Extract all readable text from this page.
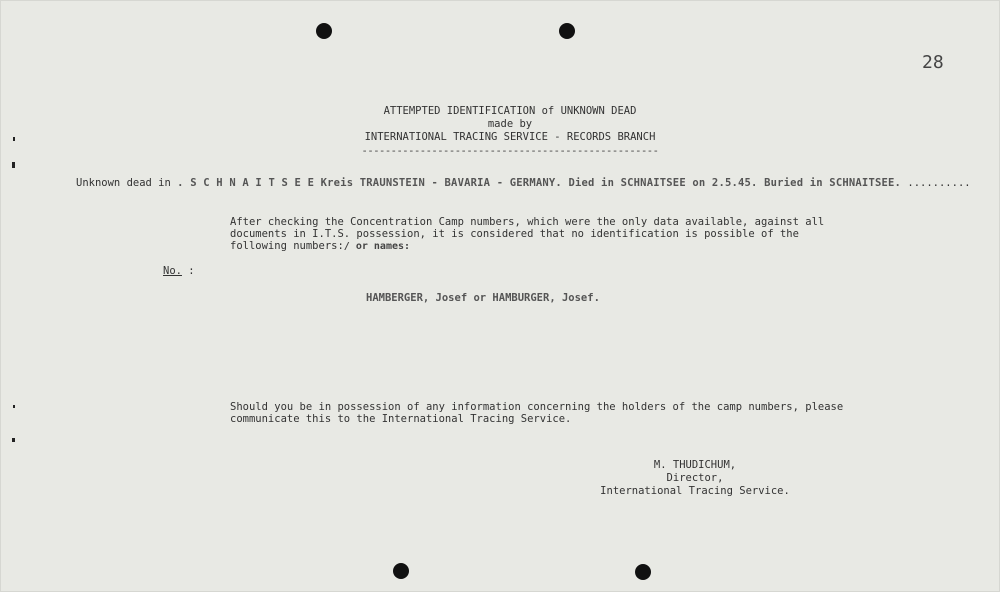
28
ATTEMPTED IDENTIFICATION of UNKNOWN DEAD
made by
INTERNATIONAL TRACING SERVICE - RECORDS BRANCH
---------------------------------------------------
Unknown dead in . S C H N A I T S E E Kreis TRAUNSTEIN - BAVARIA - GERMANY. Died in SCHNAITSEE on 2.5.45. Buried in SCHNAITSEE. ..........
After checking the Concentration Camp numbers, which were the only data available, against all documents in I.T.S. possession, it is considered that no identification is possible of the following numbers:/ or names:
No. :
HAMBERGER, Josef or HAMBURGER, Josef.
Should you be in possession of any information concerning the holders of the camp numbers, please communicate this to the International Tracing Service.
M. THUDICHUM,
Director,
International Tracing Service.
